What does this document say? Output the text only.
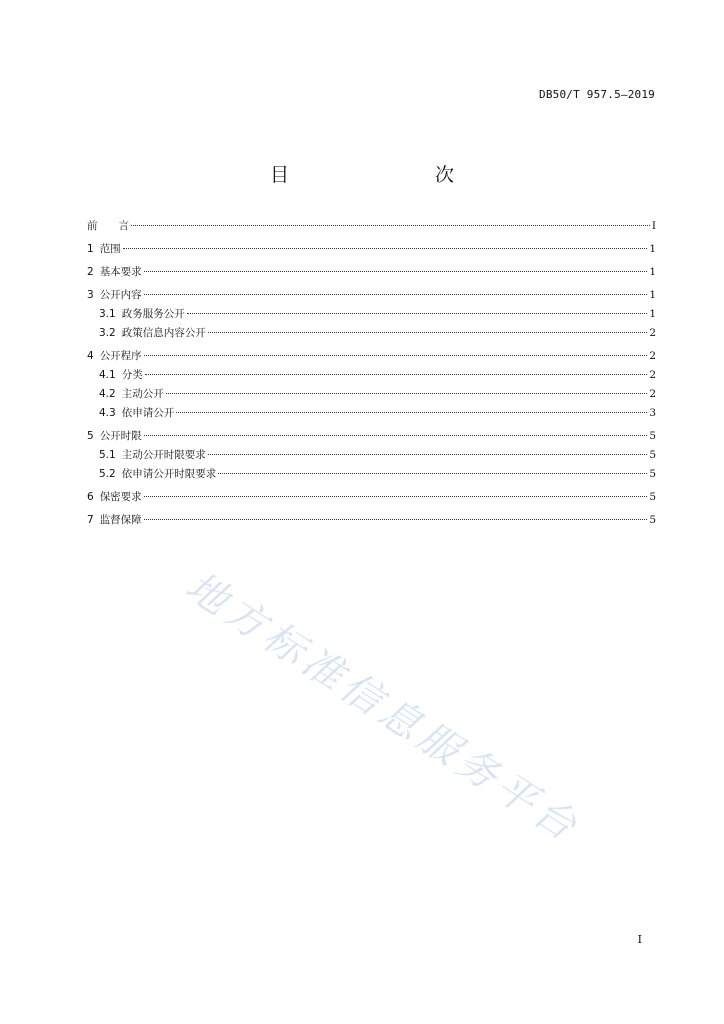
DB50/T 957.5—2019
目　　次
前　　言	I
1 范围	1
2 基本要求	1
3 公开内容	1
3.1 政务服务公开	1
3.2 政策信息内容公开	2
4 公开程序	2
4.1 分类	2
4.2 主动公开	2
4.3 依申请公开	3
5 公开时限	5
5.1 主动公开时限要求	5
5.2 依申请公开时限要求	5
6 保密要求	5
7 监督保障	5
地方标准信息服务平台
I
